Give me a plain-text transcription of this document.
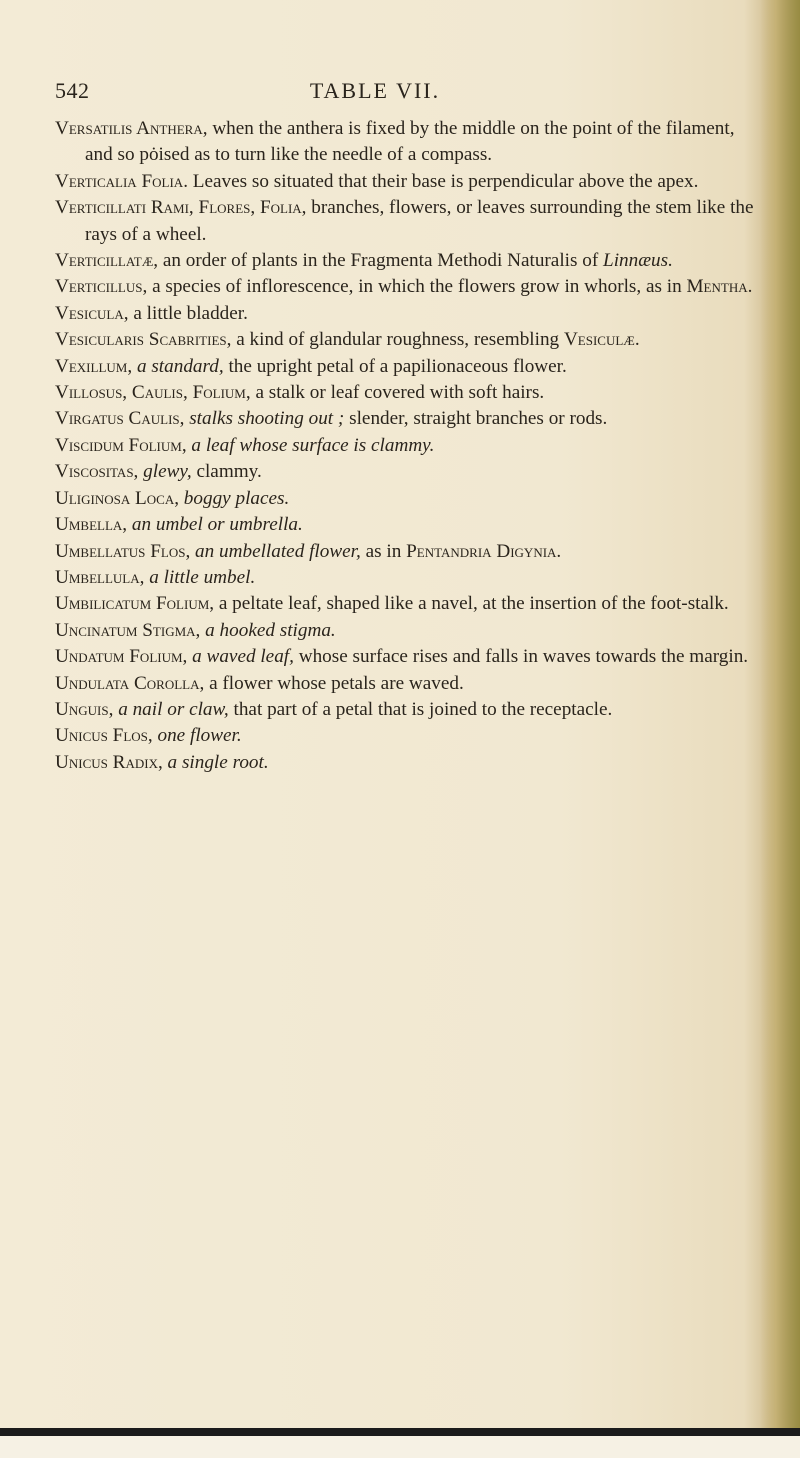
542	TABLE VII.

Versatilis Anthera, when the anthera is fixed by the middle on the point of the filament, and so pȯised as to turn like the needle of a compass.

Verticalia Folia. Leaves so situated that their base is perpendicular above the apex.

Verticillati Rami, Flores, Folia, branches, flowers, or leaves surrounding the stem like the rays of a wheel.

Verticillatæ, an order of plants in the Fragmenta Methodi Naturalis of Linnæus.

Verticillus, a species of inflorescence, in which the flowers grow in whorls, as in Mentha.

Vesicula, a little bladder.

Vesicularis Scabrities, a kind of glandular roughness, resembling Vesiculæ.

Vexillum, a standard, the upright petal of a papilionaceous flower.

Villosus, Caulis, Folium, a stalk or leaf covered with soft hairs.

Virgatus Caulis, stalks shooting out ; slender, straight branches or rods.

Viscidum Folium, a leaf whose surface is clammy.

Viscositas, glewy, clammy.

Uliginosa Loca, boggy places.

Umbella, an umbel or umbrella.

Umbellatus Flos, an umbellated flower, as in Pentandria Digynia.

Umbellula, a little umbel.

Umbilicatum Folium, a peltate leaf, shaped like a navel, at the insertion of the foot-stalk.

Uncinatum Stigma, a hooked stigma.

Undatum Folium, a waved leaf, whose surface rises and falls in waves towards the margin.

Undulata Corolla, a flower whose petals are waved.

Unguis, a nail or claw, that part of a petal that is joined to the receptacle.

Unicus Flos, one flower.

Unicus Radix, a single root.
